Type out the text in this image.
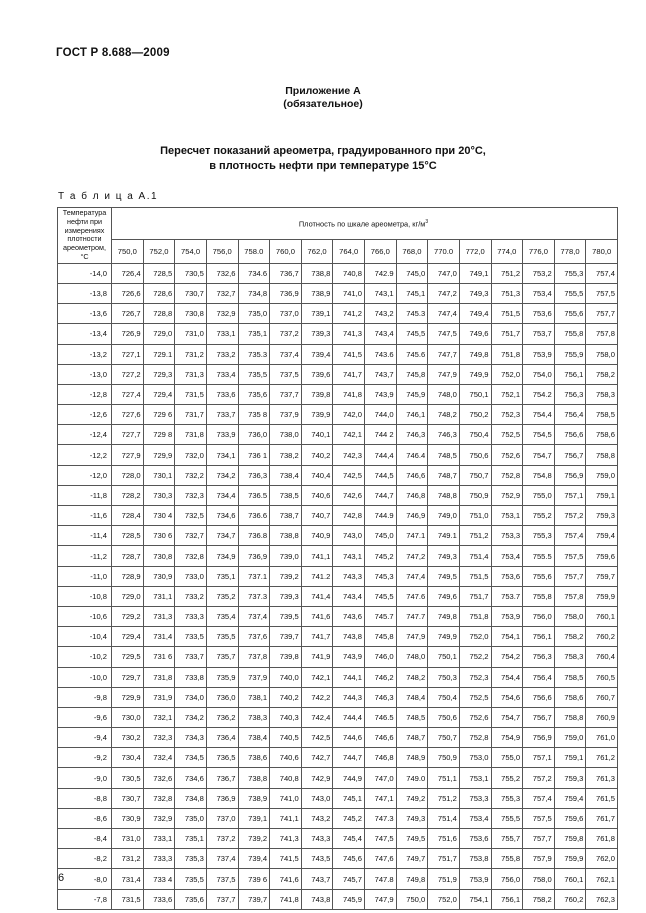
ГОСТ Р 8.688—2009
Приложение А
(обязательное)
Пересчет показаний ареометра, градуированного при 20°С,
в плотность нефти при температуре 15°С
Т а б л и ц а А.1
Температура нефти при измерениях плотности ареометром, °С	Плотность по шкале ареометра, $кг/м^3$
	750,0	752,0	754,0	756,0	758.0	760,0	762,0	764,0	766,0	768,0	770.0	772,0	774,0	776,0	778,0	780,0
-14,0	726,4	728,5	730,5	732,6	734.6	736,7	738,8	740,8	742.9	745,0	747,0	749,1	751,2	753,2	755,3	757,4
-13,8	726,6	728,6	730,7	732,7	734,8	736,9	738,9	741,0	743,1	745,1	747,2	749,3	751,3	753,4	755,5	757,5
-13,6	726,7	728,8	730,8	732,9	735,0	737,0	739,1	741,2	743,2	745.3	747,4	749,4	751,5	753,6	755,6	757,7
-13,4	726,9	729,0	731,0	733,1	735,1	737,2	739,3	741,3	743,4	745,5	747,5	749,6	751,7	753,7	755,8	757,8
-13,2	727,1	729.1	731,2	733,2	735.3	737,4	739,4	741,5	743.6	745.6	747,7	749,8	751,8	753,9	755,9	758,0
-13,0	727,2	729,3	731,3	733,4	735,5	737,5	739,6	741,7	743,7	745,8	747,9	749,9	752,0	754,0	756,1	758,2
-12,8	727,4	729,4	731,5	733,6	735,6	737,7	739,8	741,8	743,9	745,9	748,0	750,1	752,1	754.2	756,3	758,3
-12,6	727,6	729 6	731,7	733,7	735 8	737,9	739,9	742,0	744,0	746,1	748,2	750,2	752,3	754,4	756,4	758,5
-12,4	727,7	729 8	731,8	733,9	736,0	738,0	740,1	742,1	744 2	746,3	746,3	750,4	752,5	754,5	756,6	758,6
-12,2	727,9	729,9	732,0	734,1	736 1	738,2	740,2	742,3	744,4	746.4	748,5	750,6	752,6	754,7	756,7	758,8
-12,0	728,0	730,1	732,2	734,2	736,3	738,4	740,4	742,5	744,5	746,6	748,7	750,7	752,8	754,8	756,9	759,0
-11,8	728,2	730,3	732,3	734,4	736.5	738,5	740,6	742,6	744,7	746,8	748,8	750,9	752,9	755,0	757,1	759,1
-11,6	728,4	730 4	732,5	734,6	736.6	738,7	740,7	742,8	744.9	746,9	749,0	751,0	753,1	755,2	757,2	759,3
-11,4	728,5	730 6	732,7	734,7	736.8	738,8	740,9	743,0	745,0	747.1	749.1	751,2	753,3	755,3	757,4	759,4
-11,2	728,7	730,8	732,8	734,9	736,9	739,0	741,1	743,1	745,2	747,2	749,3	751,4	753,4	755.5	757,5	759,6
-11,0	728,9	730,9	733,0	735,1	737.1	739,2	741.2	743,3	745,3	747,4	749,5	751,5	753,6	755,6	757,7	759,7
-10,8	729,0	731,1	733,2	735,2	737.3	739,3	741,4	743,4	745,5	747.6	749,6	751,7	753.7	755,8	757,8	759,9
-10,6	729,2	731,3	733,3	735,4	737,4	739,5	741,6	743,6	745.7	747.7	749,8	751,8	753,9	756,0	758,0	760,1
-10,4	729,4	731,4	733,5	735,5	737,6	739,7	741,7	743,8	745,8	747,9	749,9	752,0	754,1	756,1	758,2	760,2
-10,2	729,5	731 6	733,7	735,7	737,8	739,8	741,9	743,9	746,0	748,0	750,1	752,2	754,2	756,3	758,3	760,4
-10,0	729,7	731,8	733,8	735,9	737,9	740,0	742,1	744,1	746,2	748,2	750,3	752,3	754,4	756,4	758,5	760,5
-9,8	729,9	731,9	734,0	736,0	738,1	740,2	742,2	744,3	746,3	748,4	750,4	752,5	754,6	756,6	758,6	760,7
-9,6	730,0	732,1	734,2	736,2	738,3	740,3	742,4	744,4	746.5	748,5	750,6	752,6	754,7	756,7	758,8	760,9
-9,4	730,2	732,3	734,3	736,4	738,4	740,5	742,5	744,6	746,6	748,7	750,7	752,8	754,9	756,9	759,0	761,0
-9,2	730,4	732,4	734,5	736,5	738,6	740,6	742,7	744,7	746,8	748,9	750,9	753,0	755,0	757,1	759,1	761,2
-9,0	730,5	732,6	734,6	736,7	738,8	740,8	742,9	744,9	747,0	749.0	751,1	753,1	755,2	757,2	759,3	761,3
-8,8	730,7	732,8	734,8	736,9	738,9	741,0	743,0	745,1	747,1	749,2	751,2	753,3	755,3	757,4	759,4	761,5
-8,6	730,9	732,9	735,0	737,0	739,1	741,1	743,2	745,2	747.3	749,3	751,4	753,4	755,5	757,5	759,6	761,7
-8,4	731,0	733,1	735,1	737,2	739,2	741,3	743,3	745,4	747,5	749,5	751,6	753,6	755,7	757,7	759,8	761,8
-8,2	731,2	733,3	735,3	737,4	739,4	741,5	743,5	745,6	747,6	749,7	751,7	753,8	755,8	757,9	759,9	762,0
-8,0	731,4	733 4	735,5	737,5	739 6	741,6	743,7	745,7	747.8	749,8	751,9	753,9	756,0	758,0	760,1	762,1
-7,8	731,5	733,6	735,6	737,7	739,7	741,8	743,8	745,9	747,9	750,0	752,0	754,1	756,1	758,2	760,2	762,3
6
